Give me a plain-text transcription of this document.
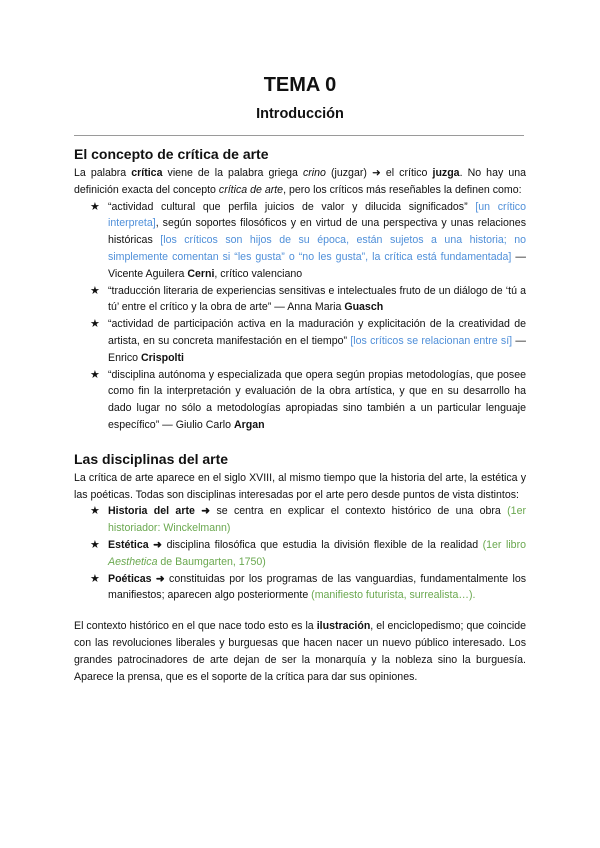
TEMA 0
Introducción
El concepto de crítica de arte

La palabra crítica viene de la palabra griega crino (juzgar) ➜ el crítico juzga. No hay una definición exacta del concepto crítica de arte, pero los críticos más reseñables la definen como:

★ “actividad cultural que perfila juicios de valor y dilucida significados” [un crítico interpreta], según soportes filosóficos y en virtud de una perspectiva y unas relaciones históricas [los críticos son hijos de su época, están sujetos a una historia; no simplemente comentan si “les gusta” o “no les gusta”, la crítica está fundamentada] — Vicente Aguilera Cerni, crítico valenciano
★ “traducción literaria de experiencias sensitivas e intelectuales fruto de un diálogo de ‘tú a tú’ entre el crítico y la obra de arte” — Anna Maria Guasch
★ “actividad de participación activa en la maduración y explicitación de la creatividad de artista, en su concreta manifestación en el tiempo” [los críticos se relacionan entre sí] — Enrico Crispolti
★ “disciplina autónoma y especializada que opera según propias metodologías, que posee como fin la interpretación y evaluación de la obra artística, y que en su desarrollo ha dado lugar no sólo a metodologías apropiadas sino también a un particular lenguaje específico” — Giulio Carlo Argan
Las disciplinas del arte

La crítica de arte aparece en el siglo XVIII, al mismo tiempo que la historia del arte, la estética y las poéticas. Todas son disciplinas interesadas por el arte pero desde puntos de vista distintos:

★ Historia del arte ➜ se centra en explicar el contexto histórico de una obra (1er historiador: Winckelmann)
★ Estética ➜ disciplina filosófica que estudia la división flexible de la realidad (1er libro Aesthetica de Baumgarten, 1750)
★ Poéticas ➜ constituidas por los programas de las vanguardias, fundamentalmente los manifiestos; aparecen algo posteriormente (manifiesto futurista, surrealista…).

El contexto histórico en el que nace todo esto es la ilustración, el enciclopedismo; que coincide con las revoluciones liberales y burguesas que hacen nacer un nuevo público interesado. Los grandes patrocinadores de arte dejan de ser la monarquía y la nobleza sino la burguesía. Aparece la prensa, que es el soporte de la crítica para dar sus opiniones.
